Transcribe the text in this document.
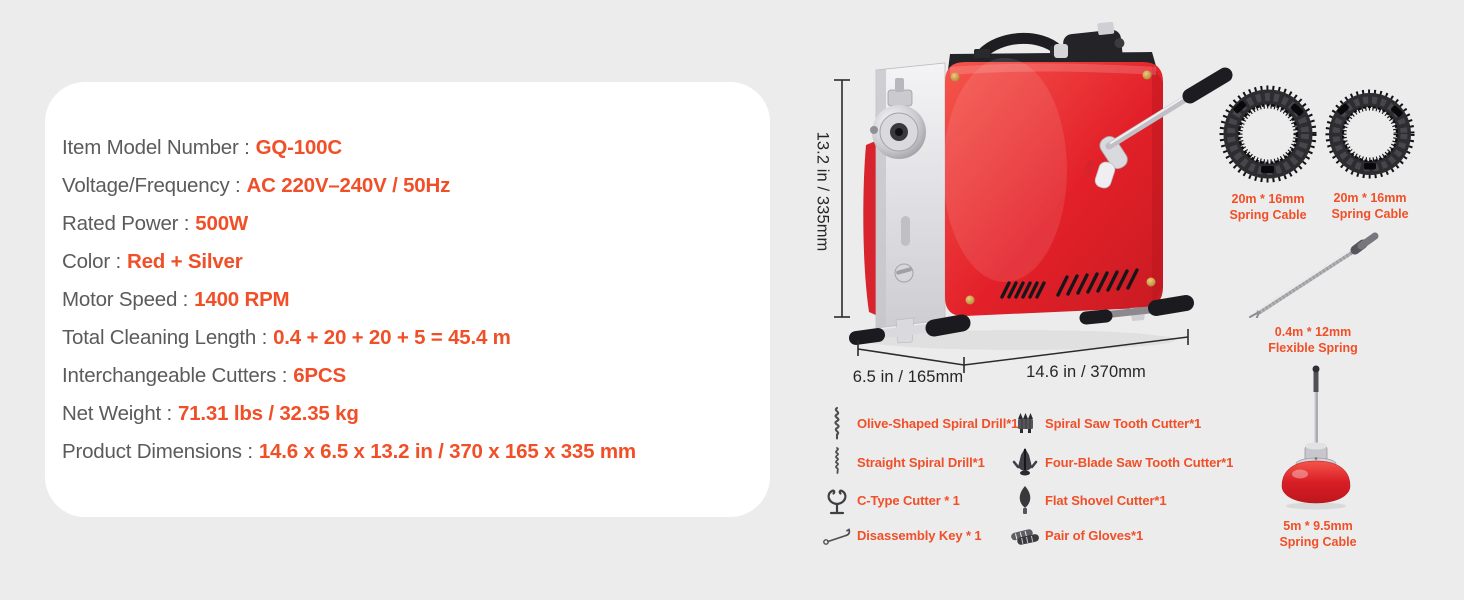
Item Model Number : GQ-100C
Voltage/Frequency : AC 220V–240V / 50Hz
Rated Power : 500W
Color : Red + Silver
Motor Speed : 1400 RPM
Total Cleaning Length : 0.4 + 20 + 20 + 5 = 45.4 m
Interchangeable Cutters : 6PCS
Net Weight : 71.31 lbs / 32.35 kg
Product Dimensions : 14.6 x 6.5 x 13.2 in / 370 x 165 x 335 mm
13.2 in / 335mm
6.5 in / 165mm	14.6 in / 370mm
20m * 16mm
Spring Cable
20m * 16mm
Spring Cable
0.4m * 12mm
Flexible Spring
5m * 9.5mm
Spring Cable
Olive-Shaped Spiral Drill*1
Straight Spiral Drill*1
C-Type Cutter * 1
Disassembly Key * 1
Spiral Saw Tooth Cutter*1
Four-Blade Saw Tooth Cutter*1
Flat Shovel Cutter*1
Pair of Gloves*1
